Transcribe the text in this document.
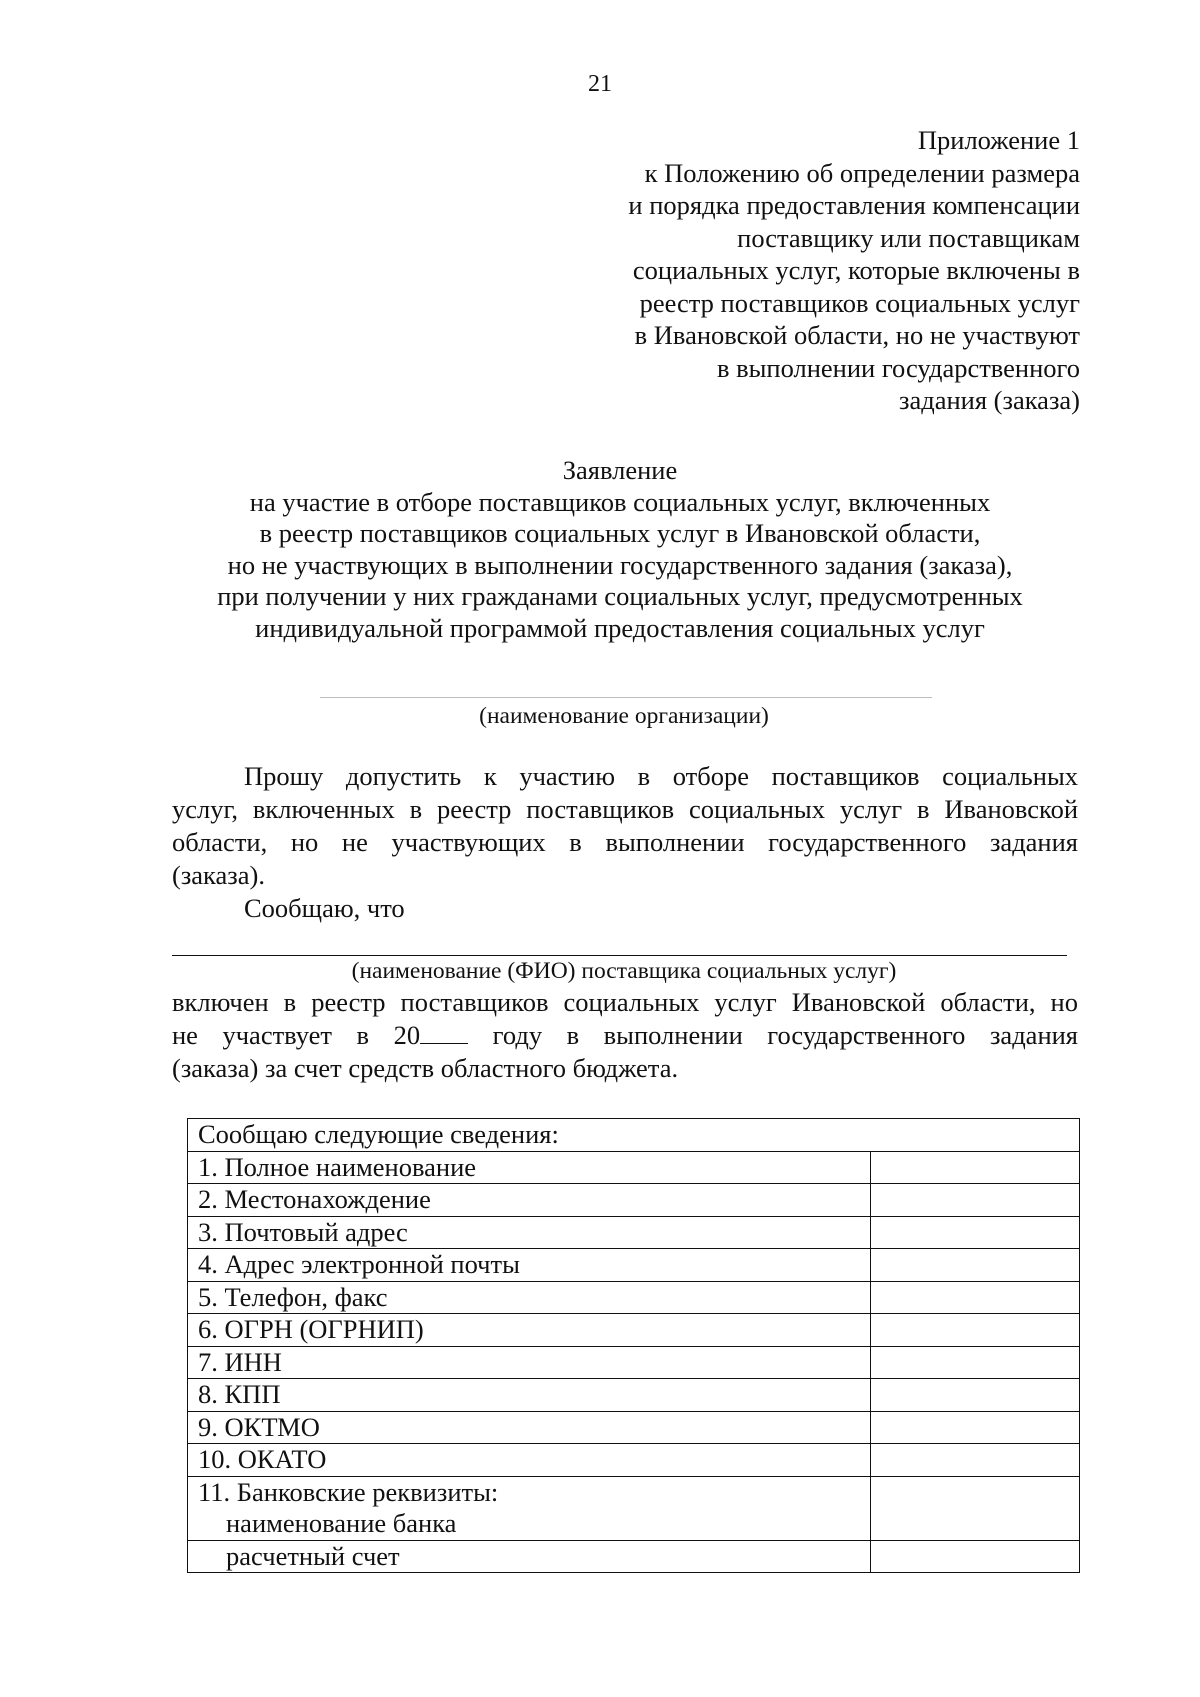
21
Приложение 1
к Положению об определении размера
и порядка предоставления компенсации
поставщику или поставщикам
социальных услуг, которые включены в
реестр поставщиков социальных услуг
в Ивановской области, но не участвуют
в выполнении государственного
задания (заказа)
Заявление
на участие в отборе поставщиков социальных услуг, включенных
в реестр поставщиков социальных услуг в Ивановской области,
но не участвующих в выполнении государственного задания (заказа),
при получении у них гражданами социальных услуг, предусмотренных
индивидуальной программой предоставления социальных услуг
(наименование организации)
Прошу допустить к участию в отборе поставщиков социальных
услуг, включенных в реестр поставщиков социальных услуг в Ивановской
области, но не участвующих в выполнении государственного задания
(заказа).
Сообщаю, что
(наименование (ФИО) поставщика социальных услуг)
включен в реестр поставщиков социальных услуг Ивановской области, но
не участвует в 20	году в выполнении государственного задания
(заказа) за счет средств областного бюджета.
Сообщаю следующие сведения:	
1. Полное наименование	
2. Местонахождение	
3. Почтовый адрес	
4. Адрес электронной почты	
5. Телефон, факс	
6. ОГРН (ОГРНИП)	
7. ИНН	
8. КПП	
9. ОКТМО	
10. ОКАТО	

11. Банковские реквизиты:
наименование банка	

расчетный счет	
